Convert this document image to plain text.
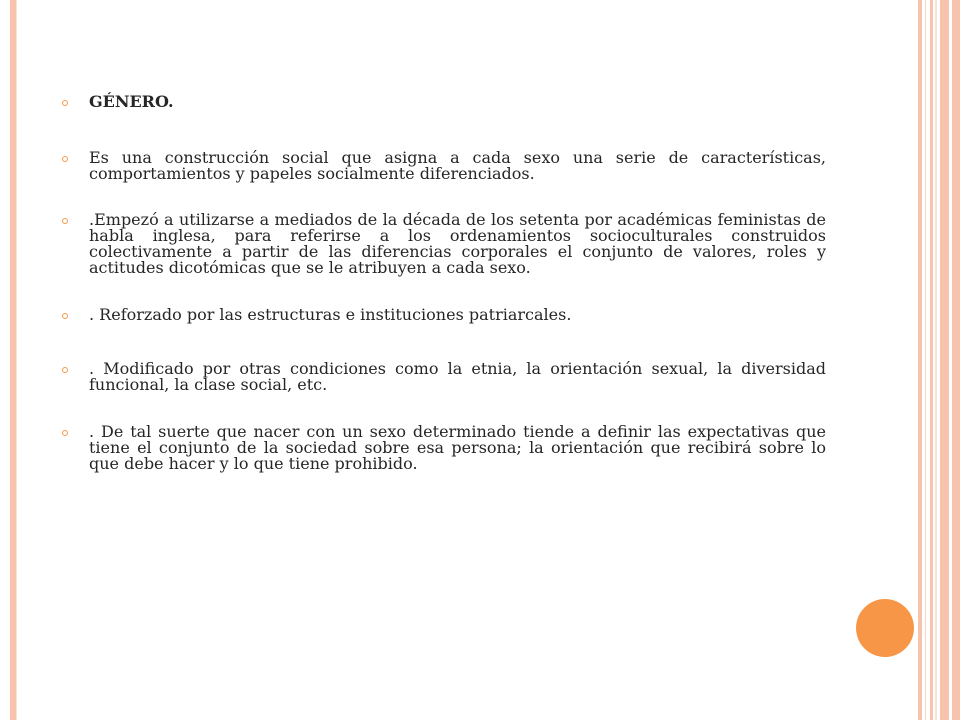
GÉNERO.
Es una construcción social que asigna a cada sexo una serie de características, comportamientos y papeles socialmente diferenciados.
.Empezó a utilizarse a mediados de la década de los setenta por académicas feministas de habla inglesa, para referirse a los ordenamientos socioculturales construidos colectivamente a partir de las diferencias corporales el conjunto de valores, roles y actitudes dicotómicas que se le atribuyen a cada sexo.
. Reforzado por las estructuras e instituciones patriarcales.
. Modificado por otras condiciones como la etnia, la orientación sexual, la diversidad funcional, la clase social, etc.
. De tal suerte que nacer con un sexo determinado tiende a definir las expectativas que tiene el conjunto de la sociedad sobre esa persona; la orientación que recibirá sobre lo que debe hacer y lo que tiene prohibido.
